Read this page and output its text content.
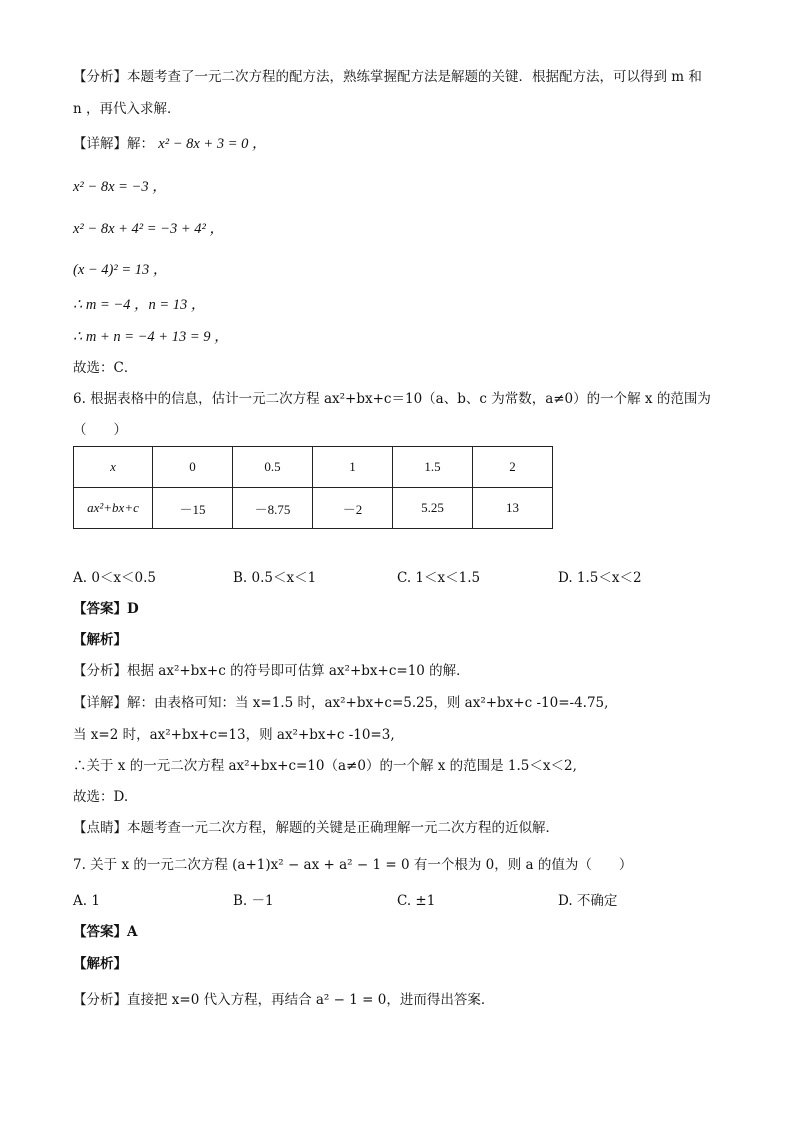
【分析】本题考查了一元二次方程的配方法，熟练掌握配方法是解题的关键．根据配方法，可以得到 m 和
n ，再代入求解．
【详解】解： x² − 8x + 3 = 0 ，
x² − 8x = −3 ，
x² − 8x + 4² = −3 + 4² ，
(x − 4)² = 13 ，
∴ m = −4 ，n = 13 ，
∴ m + n = −4 + 13 = 9 ，
故选：C．
6. 根据表格中的信息，估计一元二次方程 ax²+bx+c＝10（a、b、c 为常数，a≠0）的一个解 x 的范围为
（　　）
x	0	0.5	1	1.5	2
ax²+bx+c	－15	－8.75	－2	5.25	13
A. 0＜x＜0.5	B. 0.5＜x＜1	C. 1＜x＜1.5	D. 1.5＜x＜2
【答案】D
【解析】
【分析】根据 ax²+bx+c 的符号即可估算 ax²+bx+c=10 的解．
【详解】解：由表格可知：当 x=1.5 时，ax²+bx+c=5.25，则 ax²+bx+c -10=-4.75,
当 x=2 时，ax²+bx+c=13，则 ax²+bx+c -10=3,
∴关于 x 的一元二次方程 ax²+bx+c=10（a≠0）的一个解 x 的范围是 1.5＜x＜2,
故选：D.
【点睛】本题考查一元二次方程，解题的关键是正确理解一元二次方程的近似解．
7. 关于 x 的一元二次方程 (a+1)x² − ax + a² − 1 = 0 有一个根为 0，则 a 的值为（　　）
A. 1	B. －1	C. ±1	D. 不确定
【答案】A
【解析】
【分析】直接把 x=0 代入方程，再结合 a² − 1 = 0，进而得出答案．
